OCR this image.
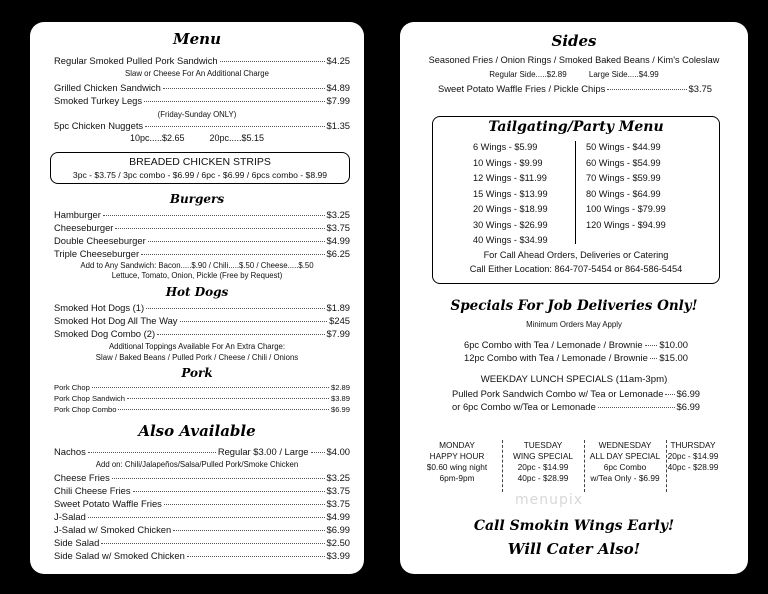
Menu
Regular Smoked Pulled Pork Sandwich	$4.25
Slaw or Cheese For An Additional Charge
Grilled Chicken Sandwich	$4.89
Smoked Turkey Legs	$7.99
(Friday-Sunday ONLY)
5pc Chicken Nuggets	$1.35
10pc.....$2.65          20pc.....$5.15
BREADED CHICKEN STRIPS
3pc - $3.75 / 3pc combo - $6.99 / 6pc - $6.99 / 6pcs combo - $8.99
Burgers
Hamburger	$3.25
Cheeseburger	$3.75
Double Cheeseburger	$4.99
Triple Cheeseburger	$6.25
Add to Any Sandwich: Bacon.....$.90 / Chili.....$.50 / Cheese.....$.50
Lettuce, Tomato, Onion, Pickle (Free by Request)
Hot Dogs
Smoked Hot Dogs (1)	$1.89
Smoked Hot Dog All The Way	$245
Smoked Dog Combo (2)	$7.99
Additional Toppings Available For An Extra Charge:
Slaw / Baked Beans / Pulled Pork / Cheese / Chili / Onions
Pork
Pork Chop	$2.89
Pork Chop Sandwich	$3.89
Pork Chop Combo	$6.99
Also Available
Nachos	Regular $3.00 / Large $4.00
Add on: Chili/Jalapeños/Salsa/Pulled Pork/Smoke Chicken
Cheese Fries	$3.25
Chili Cheese Fries	$3.75
Sweet Potato Waffle Fries	$3.75
J-Salad	$4.99
J-Salad w/ Smoked Chicken	$6.99
Side Salad	$2.50
Side Salad w/ Smoked Chicken	$3.99
Sides
Seasoned Fries / Onion Rings / Smoked Baked Beans / Kim's Coleslaw
Regular Side.....$2.89          Large Side.....$4.99
Sweet Potato Waffle Fries / Pickle Chips	$3.75
Tailgating/Party Menu
6 Wings - $5.99
10 Wings - $9.99
12 Wings - $11.99
15 Wings - $13.99
20 Wings - $18.99
30 Wings - $26.99
40 Wings - $34.99
50 Wings - $44.99
60 Wings - $54.99
70 Wings - $59.99
80 Wings - $64.99
100 Wings - $79.99
120 Wings - $94.99
For Call Ahead Orders, Deliveries or Catering
Call Either Location: 864-707-5454 or 864-586-5454
Specials For Job Deliveries Only!
Minimum Orders May Apply
6pc Combo with Tea / Lemonade / Brownie $10.00
12pc Combo with Tea / Lemonade / Brownie $15.00
WEEKDAY LUNCH SPECIALS (11am-3pm)
Pulled Pork Sandwich Combo w/ Tea or Lemonade $6.99
or 6pc Combo w/Tea or Lemonade	$6.99
MONDAY
HAPPY HOUR
$0.60 wing night
6pm-9pm
TUESDAY
WING SPECIAL
20pc - $14.99
40pc - $28.99
WEDNESDAY
ALL DAY SPECIAL
6pc Combo
w/Tea Only - $6.99
THURSDAY
20pc - $14.99
40pc - $28.99
menupix
Call Smokin Wings Early!
Will Cater Also!
